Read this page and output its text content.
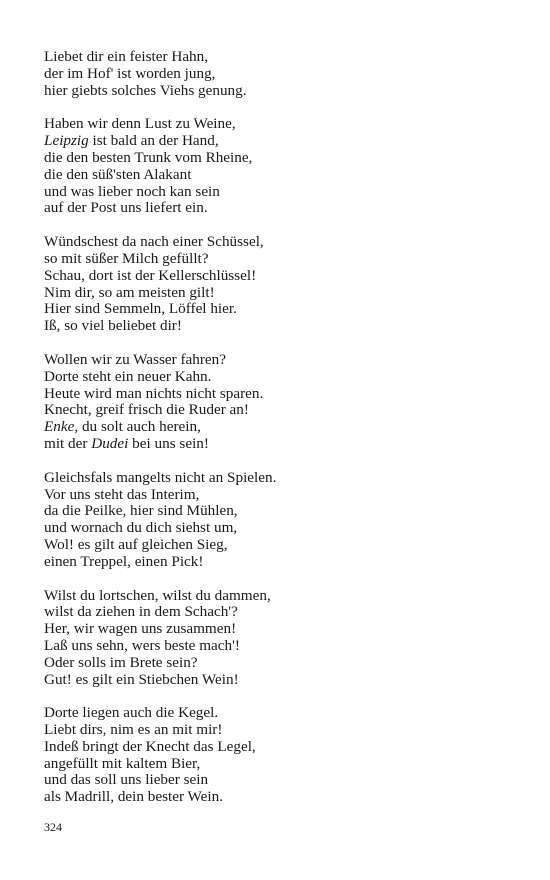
Liebet dir ein feister Hahn,
der im Hof' ist worden jung,
hier giebts solches Viehs genung.
Haben wir denn Lust zu Weine,
Leipzig ist bald an der Hand,
die den besten Trunk vom Rheine,
die den süß'sten Alakant
und was lieber noch kan sein
auf der Post uns liefert ein.
Wündschest da nach einer Schüssel,
so mit süßer Milch gefüllt?
Schau, dort ist der Kellerschlüssel!
Nim dir, so am meisten gilt!
Hier sind Semmeln, Löffel hier.
Iß, so viel beliebet dir!
Wollen wir zu Wasser fahren?
Dorte steht ein neuer Kahn.
Heute wird man nichts nicht sparen.
Knecht, greif frisch die Ruder an!
Enke, du solt auch herein,
mit der Dudei bei uns sein!
Gleichsfals mangelts nicht an Spielen.
Vor uns steht das Interim,
da die Peilke, hier sind Mühlen,
und wornach du dich siehst um,
Wol! es gilt auf gleichen Sieg,
einen Treppel, einen Pick!
Wilst du lortschen, wilst du dammen,
wilst da ziehen in dem Schach'?
Her, wir wagen uns zusammen!
Laß uns sehn, wers beste mach'!
Oder solls im Brete sein?
Gut! es gilt ein Stiebchen Wein!
Dorte liegen auch die Kegel.
Liebt dirs, nim es an mit mir!
Indeß bringt der Knecht das Legel,
angefüllt mit kaltem Bier,
und das soll uns lieber sein
als Madrill, dein bester Wein.
324
